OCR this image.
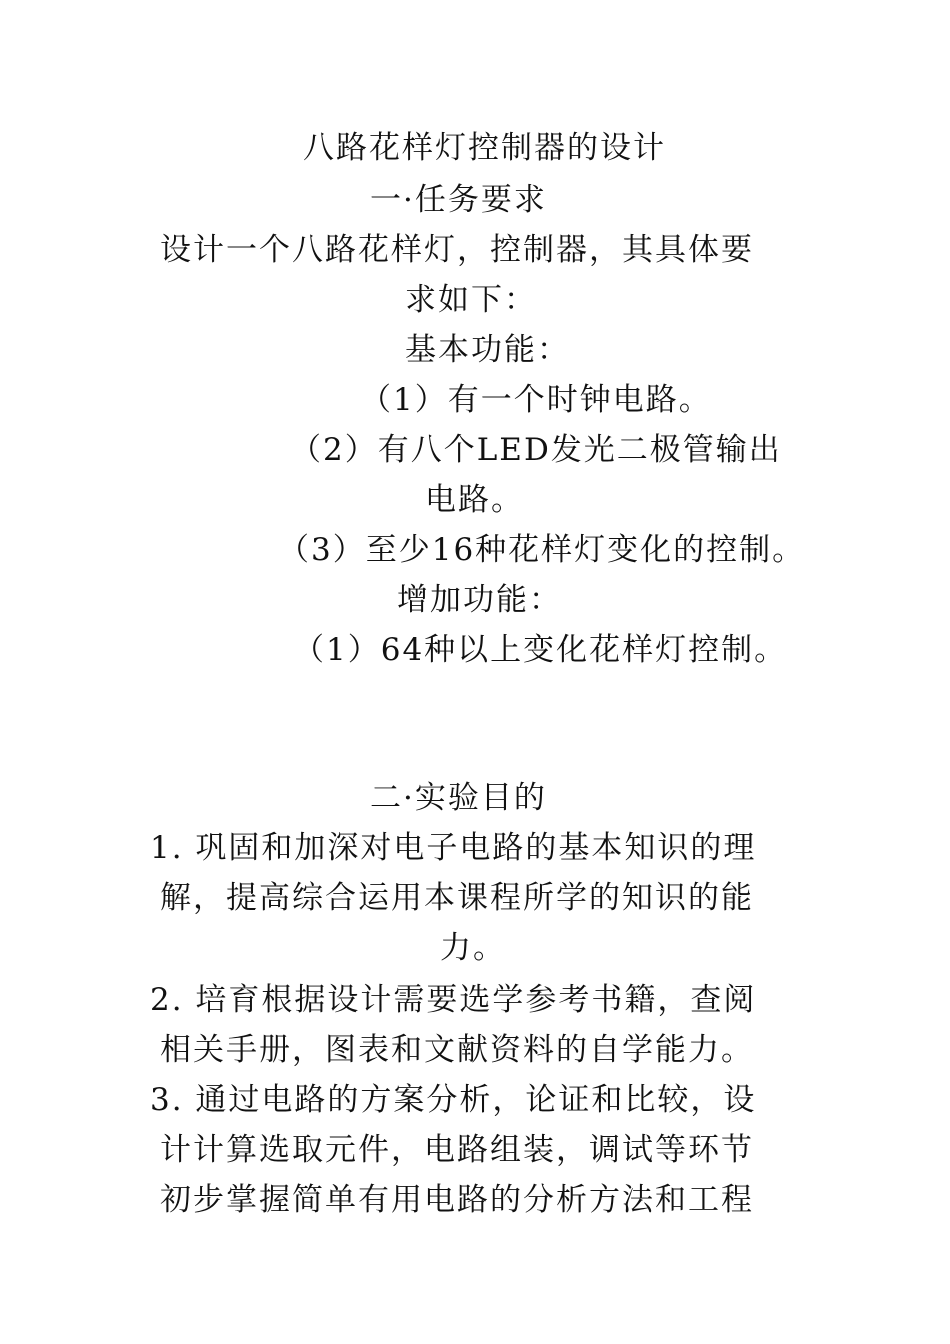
八路花样灯控制器的设计
一·任务要求

设计一个八路花样灯，控制器，其具体要

求如下：

基本功能：

（1）有一个时钟电路。

（2）有八个LED发光二极管输出

电路。

（3）至少16种花样灯变化的控制。

增加功能：

（1）64种以上变化花样灯控制。

二·实验目的

1. 巩固和加深对电子电路的基本知识的理

解，提高综合运用本课程所学的知识的能

力。

2. 培育根据设计需要选学参考书籍，查阅

相关手册，图表和文献资料的自学能力。

3. 通过电路的方案分析，论证和比较，设

计计算选取元件，电路组装，调试等环节

初步掌握简单有用电路的分析方法和工程
